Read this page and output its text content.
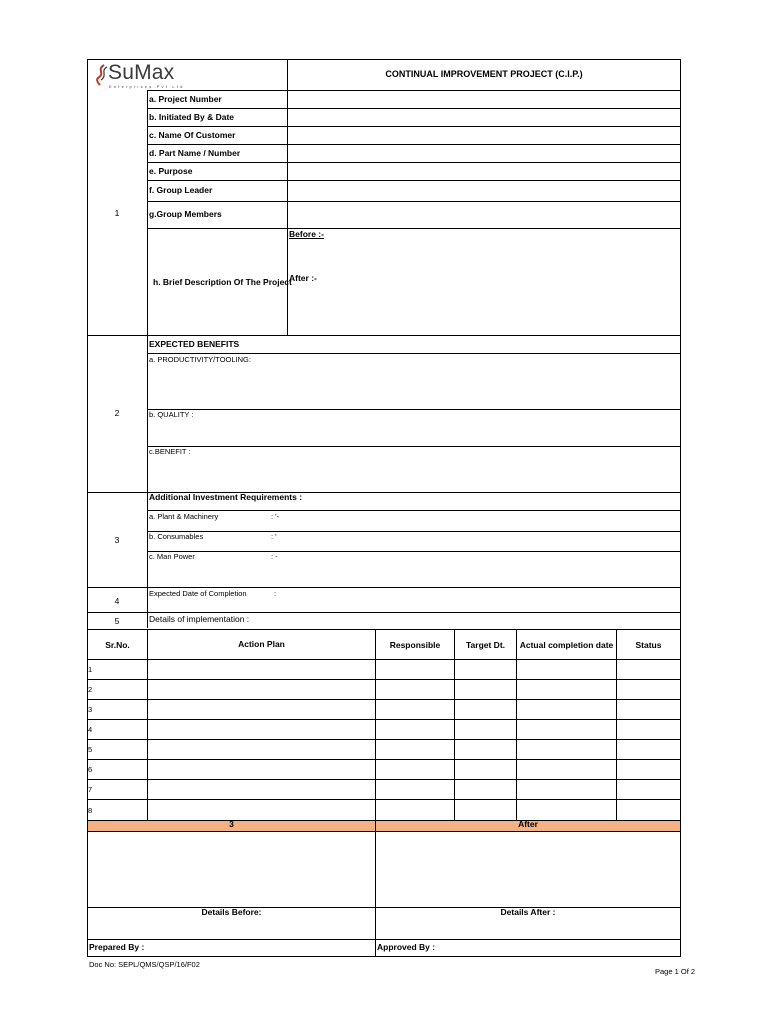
SuMax
Enterprises Pvt Ltd
CONTINUAL IMPROVEMENT PROJECT (C.I.P.)
1
a. Project Number
b. Initiated By & Date
c. Name Of Customer
d. Part Name / Number
e. Purpose
f. Group Leader
g.Group Members
h. Brief Description Of The Project
Before :-
After :-
2
EXPECTED BENEFITS
a. PRODUCTIVITY/TOOLING:
b. QUALITY :
c.BENEFIT :
3
Additional Investment Requirements :
a. Plant & Machinery	: '-
b. Consumables	: '
c. Man Power	: -
4
Expected Date of Completion	:
5	Details of implementation :
Sr.No.	Action Plan	Responsible	Target Dt.	Actual completion date	Status
1
2
3
4
5
6
7
8
3	After
Details Before:	Details After :
Prepared By :	Approved By :
Doc No: SEPL/QMS/QSP/16/F02
Page 1 Of 2
